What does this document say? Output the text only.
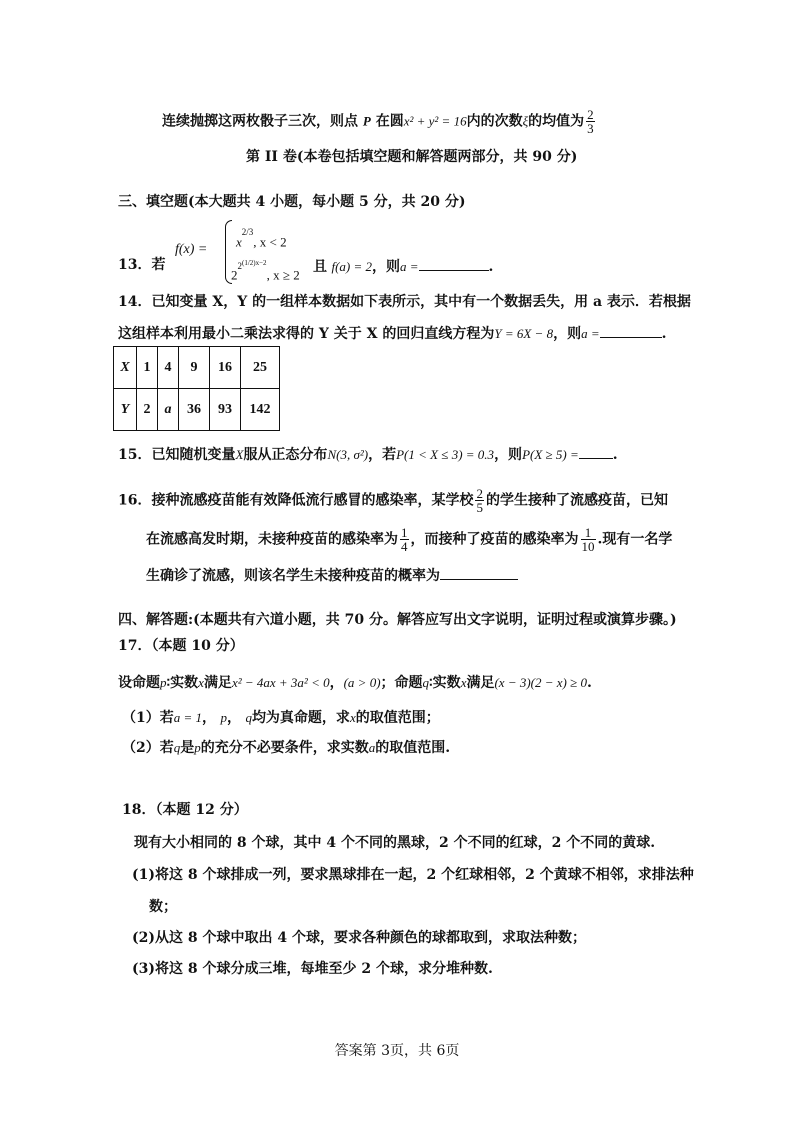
连续抛掷这两枚骰子三次，则点 P 在圆x² + y² = 16内的次数ξ的均值为 $\frac{2}{3}$
第 II 卷(本卷包括填空题和解答题两部分，共 90 分)
三、填空题(本大题共 4 小题，每小题 5 分，共 20 分)
13．若
f(x) =
$x^{2/3}$, x < 2
$2^{2^{(1/2)x-2}}$, x ≥ 2 且 f(a) = 2，则a =	.
14．已知变量 X，Y 的一组样本数据如下表所示，其中有一个数据丢失，用 a 表示．若根据
这组样本利用最小二乘法求得的 Y 关于 X 的回归直线方程为Y = 6X − 8，则a =	.
X	1	4	9	16	25
Y	2	a	36	93	142
15．已知随机变量X服从正态分布N(3, σ²)，若P(1 < X ≤ 3) = 0.3，则P(X ≥ 5) = .
16．接种流感疫苗能有效降低流行感冒的感染率，某学校 $\frac{2}{5}$ 的学生接种了流感疫苗，已知
在流感高发时期，未接种疫苗的感染率为 $\frac{1}{4}$ ，而接种了疫苗的感染率为 $\frac{1}{10}$ .现有一名学
生确诊了流感，则该名学生未接种疫苗的概率为
四、解答题:(本题共有六道小题，共 70 分。解答应写出文字说明，证明过程或演算步骤。)
17．（本题 10 分）
设命题p∶实数x满足x² − 4ax + 3a² < 0，(a > 0)；命题q∶实数x满足(x − 3)(2 − x) ≥ 0.
（1）若a = 1， p， q均为真命题，求x的取值范围；
（2）若q是p的充分不必要条件，求实数a的取值范围.
18．（本题 12 分）
现有大小相同的 8 个球，其中 4 个不同的黑球，2 个不同的红球，2 个不同的黄球.
(1)将这 8 个球排成一列，要求黑球排在一起，2 个红球相邻，2 个黄球不相邻，求排法种
数；
(2)从这 8 个球中取出 4 个球，要求各种颜色的球都取到，求取法种数；
(3)将这 8 个球分成三堆，每堆至少 2 个球，求分堆种数.
答案第 3页，共 6页
